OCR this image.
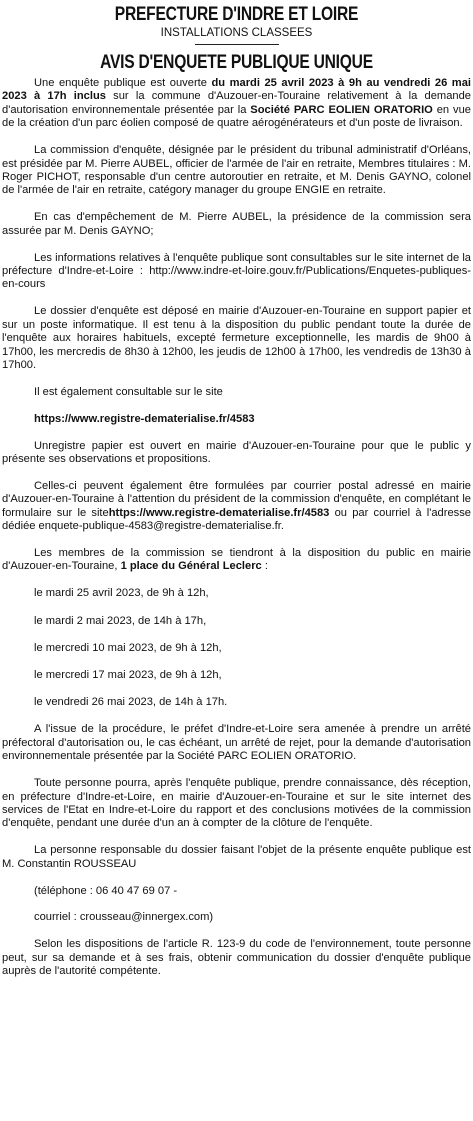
PREFECTURE D'INDRE ET LOIRE
INSTALLATIONS CLASSEES
AVIS D'ENQUETE PUBLIQUE UNIQUE

Une enquête publique est ouverte du mardi 25 avril 2023 à 9h au vendredi 26 mai 2023 à 17h inclus sur la commune d'Auzouer-en-Touraine relativement à la demande d'autorisation environnementale présentée par la Société PARC EOLIEN ORATORIO en vue de la création d'un parc éolien composé de quatre aérogénérateurs et d'un poste de livraison.

La commission d'enquête, désignée par le président du tribunal administratif d'Orléans, est présidée par M. Pierre AUBEL, officier de l'armée de l'air en retraite, Membres titulaires : M. Roger PICHOT, responsable d'un centre autoroutier en retraite, et M. Denis GAYNO, colonel de l'armée de l'air en retraite, catégory manager du groupe ENGIE en retraite.

En cas d'empêchement de M. Pierre AUBEL, la présidence de la commission sera assurée par M. Denis GAYNO;

Les informations relatives à l'enquête publique sont consultables sur le site internet de la préfecture d'Indre-et-Loire : http://www.indre-et-loire.gouv.fr/Publications/Enquetes-publiques-en-cours

Le dossier d'enquête est déposé en mairie d'Auzouer-en-Touraine en support papier et sur un poste informatique. Il est tenu à la disposition du public pendant toute la durée de l'enquête aux horaires habituels, excepté fermeture exceptionnelle, les mardis de 9h00 à 17h00, les mercredis de 8h30 à 12h00, les jeudis de 12h00 à 17h00, les vendredis de 13h30 à 17h00.

Il est également consultable sur le site

https://www.registre-dematerialise.fr/4583

Unregistre papier est ouvert en mairie d'Auzouer-en-Touraine pour que le public y présente ses observations et propositions.

Celles-ci peuvent également être formulées par courrier postal adressé en mairie d'Auzouer-en-Touraine à l'attention du président de la commission d'enquête, en complétant le formulaire sur le sitehttps://www.registre-dematerialise.fr/4583 ou par courriel à l'adresse dédiée enquete-publique-4583@registre-dematerialise.fr.

Les membres de la commission se tiendront à la disposition du public en mairie d'Auzouer-en-Touraine, 1 place du Général Leclerc :

le mardi 25 avril 2023, de 9h à 12h,

le mardi 2 mai 2023, de 14h à 17h,

le mercredi 10 mai 2023, de 9h à 12h,

le mercredi 17 mai 2023, de 9h à 12h,

le vendredi 26 mai 2023, de 14h à 17h.

A l'issue de la procédure, le préfet d'Indre-et-Loire sera amenée à prendre un arrêté préfectoral d'autorisation ou, le cas échéant, un arrêté de rejet, pour la demande d'autorisation environnementale présentée par la Société PARC EOLIEN ORATORIO.

Toute personne pourra, après l'enquête publique, prendre connaissance, dès réception, en préfecture d'Indre-et-Loire, en mairie d'Auzouer-en-Touraine et sur le site internet des services de l'Etat en Indre-et-Loire du rapport et des conclusions motivées de la commission d'enquête, pendant une durée d'un an à compter de la clôture de l'enquête.

La personne responsable du dossier faisant l'objet de la présente enquête publique est M. Constantin ROUSSEAU

(téléphone : 06 40 47 69 07 -

courriel : crousseau@innergex.com)

Selon les dispositions de l'article R. 123-9 du code de l'environnement, toute personne peut, sur sa demande et à ses frais, obtenir communication du dossier d'enquête publique auprès de l'autorité compétente.
